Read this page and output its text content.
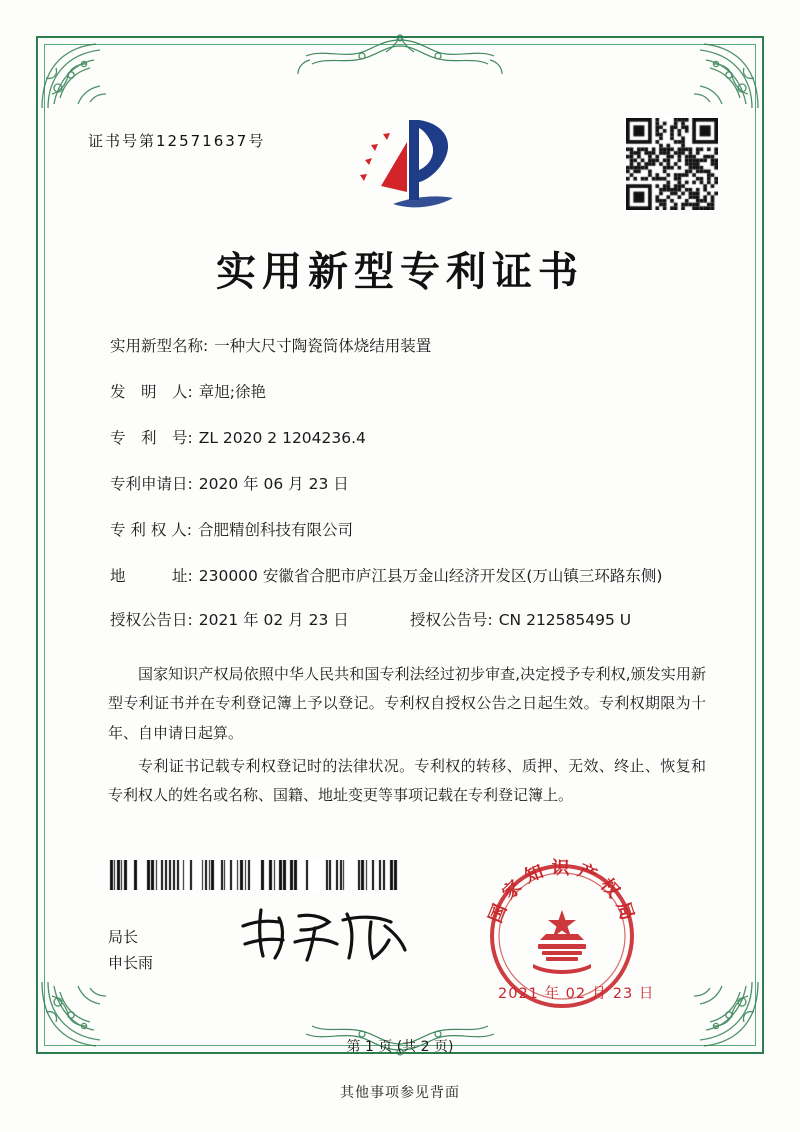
证书号第12571637号
实用新型专利证书
实用新型名称: 一种大尺寸陶瓷筒体烧结用装置
发　明　人: 章旭;徐艳
专　利　号: ZL 2020 2 1204236.4
专利申请日: 2020 年 06 月 23 日
专 利 权 人: 合肥精创科技有限公司
地　　　址: 230000 安徽省合肥市庐江县万金山经济开发区(万山镇三环路东侧)
授权公告日: 2021 年 02 月 23 日	授权公告号: CN 212585495 U

国家知识产权局依照中华人民共和国专利法经过初步审查,决定授予专利权,颁发实用新型专利证书并在专利登记簿上予以登记。专利权自授权公告之日起生效。专利权期限为十年、自申请日起算。

专利证书记载专利权登记时的法律状况。专利权的转移、质押、无效、终止、恢复和专利权人的姓名或名称、国籍、地址变更等事项记载在专利登记簿上。

局长
申长雨
国家知识产权局
2021 年 02 月 23 日
第 1 页 (共 2 页)
其他事项参见背面
